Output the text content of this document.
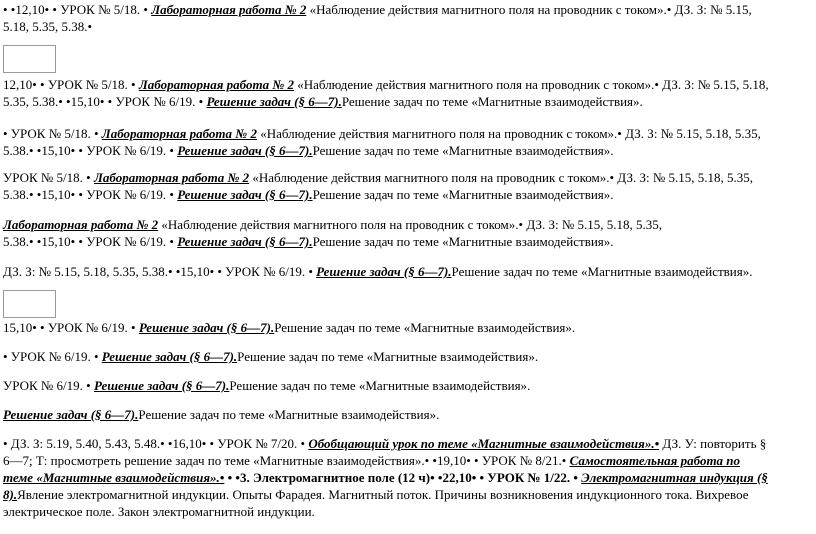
• •12,10• • УРОК № 5/18. • Лабораторная работа № 2 «Наблюдение действия магнитного поля на проводник с током».• ДЗ. З: № 5.15,

5.18, 5.35, 5.38.•

12,10• • УРОК № 5/18. • Лабораторная работа № 2 «Наблюдение действия магнитного поля на проводник с током».• ДЗ. З: № 5.15, 5.18,

5.35, 5.38.• •15,10• • УРОК № 6/19. • Решение задач (§ 6—7).Решение задач по теме «Магнитные взаимодействия».

• УРОК № 5/18. • Лабораторная работа № 2 «Наблюдение действия магнитного поля на проводник с током».• ДЗ. З: № 5.15, 5.18, 5.35,

5.38.• •15,10• • УРОК № 6/19. • Решение задач (§ 6—7).Решение задач по теме «Магнитные взаимодействия».

УРОК № 5/18. • Лабораторная работа № 2 «Наблюдение действия магнитного поля на проводник с током».• ДЗ. З: № 5.15, 5.18, 5.35,

5.38.• •15,10• • УРОК № 6/19. • Решение задач (§ 6—7).Решение задач по теме «Магнитные взаимодействия».

Лабораторная работа № 2 «Наблюдение действия магнитного поля на проводник с током».• ДЗ. З: № 5.15, 5.18, 5.35,

5.38.• •15,10• • УРОК № 6/19. • Решение задач (§ 6—7).Решение задач по теме «Магнитные взаимодействия».

ДЗ. З: № 5.15, 5.18, 5.35, 5.38.• •15,10• • УРОК № 6/19. • Решение задач (§ 6—7).Решение задач по теме «Магнитные взаимодействия».

15,10• • УРОК № 6/19. • Решение задач (§ 6—7).Решение задач по теме «Магнитные взаимодействия».

• УРОК № 6/19. • Решение задач (§ 6—7).Решение задач по теме «Магнитные взаимодействия».

УРОК № 6/19. • Решение задач (§ 6—7).Решение задач по теме «Магнитные взаимодействия».

Решение задач (§ 6—7).Решение задач по теме «Магнитные взаимодействия».

• ДЗ. З: 5.19, 5.40, 5.43, 5.48.• •16,10• • УРОК № 7/20. • Обобщающий урок по теме «Магнитные взаимодействия».• ДЗ. У: повторить §

6—7; Т: просмотреть решение задач по теме «Магнитные взаимодействия».• •19,10• • УРОК № 8/21.• Самостоятельная работа по

теме «Магнитные взаимодействия».• • •3. Электромагнитное поле (12 ч)• •22,10• • УРОК № 1/22. • Электромагнитная индукция (§

8).Явление электромагнитной индукции. Опыты Фарадея. Магнитный поток. Причины возникновения индукционного тока. Вихревое

электрическое поле. Закон электромагнитной индукции.
